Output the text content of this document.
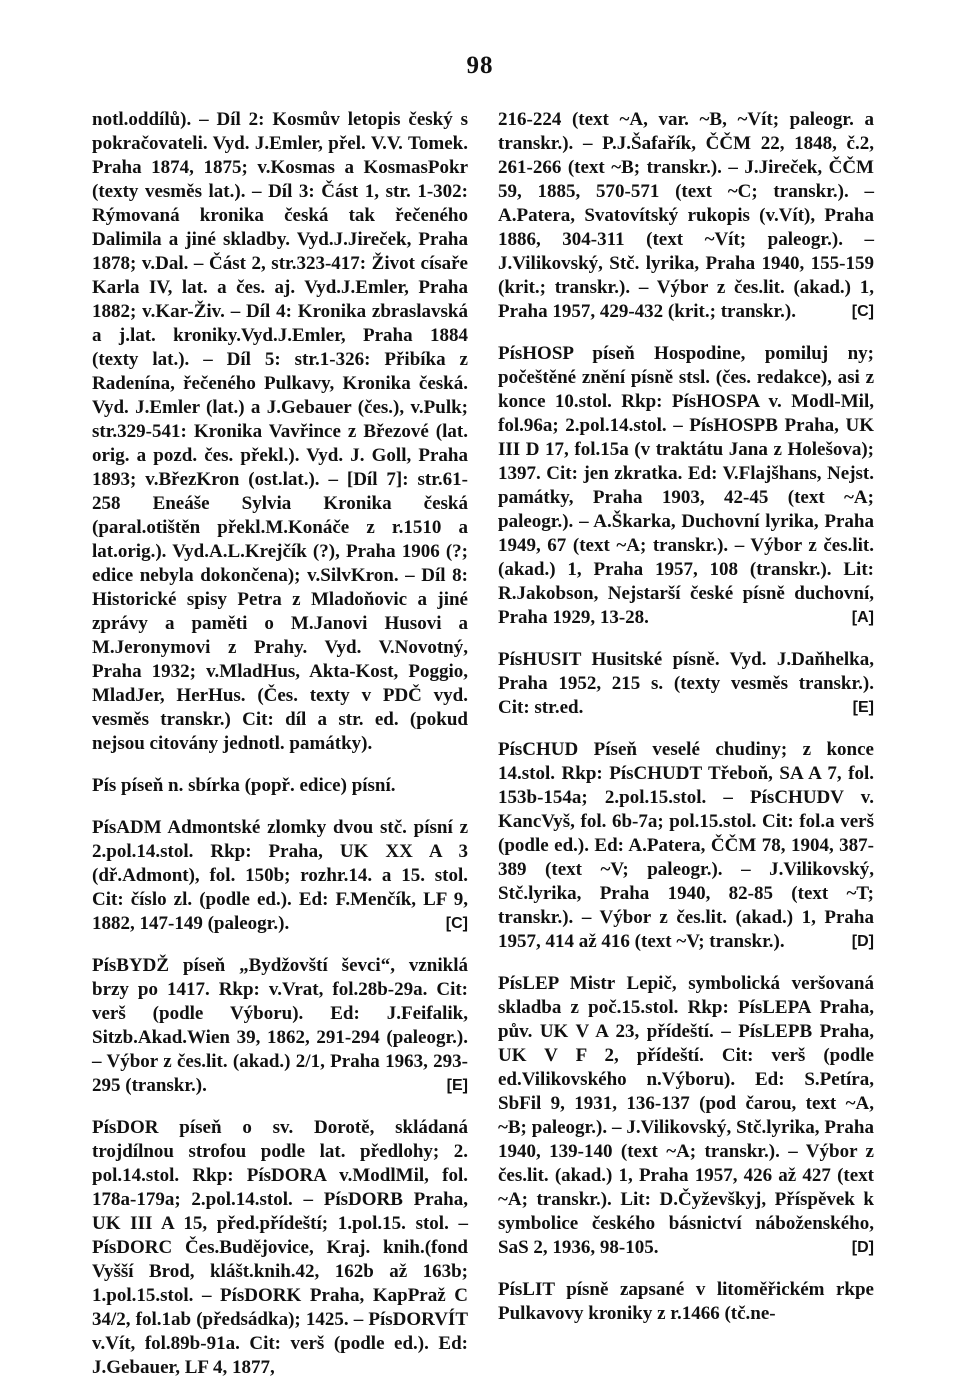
98
notl.oddílů). – Díl 2: Kosmův letopis český s pokračovateli. Vyd. J.Emler, přel. V.V. Tomek. Praha 1874, 1875; v.Kosmas a KosmasPokr (texty vesměs lat.). – Díl 3: Část 1, str. 1-302: Rýmovaná kronika česká tak řečeného Dalimila a jiné skladby. Vyd.J.Jireček, Praha 1878; v.Dal. – Část 2, str.323-417: Život císaře Karla IV, lat. a čes. aj. Vyd.J.Emler, Praha 1882; v.Kar-Živ. – Díl 4: Kronika zbraslavská a j.lat. kroniky.Vyd.J.Emler, Praha 1884 (texty lat.). – Díl 5: str.1-326: Přibíka z Radenína, řečeného Pulkavy, Kronika česká. Vyd. J.Emler (lat.) a J.Gebauer (čes.), v.Pulk; str.329-541: Kronika Vavřince z Březové (lat. orig. a pozd. čes. překl.). Vyd. J. Goll, Praha 1893; v.BřezKron (ost.lat.). – [Díl 7]: str.61-258 Eneáše Sylvia Kronika česká (paral.otištěn překl.M.Konáče z r.1510 a lat.orig.). Vyd.A.L.Krejčík (?), Praha 1906 (?; edice nebyla dokončena); v.SilvKron. – Díl 8: Historické spisy Petra z Mladoňovic a jiné zprávy a paměti o M.Janovi Husovi a M.Jeronymovi z Prahy. Vyd. V.Novotný, Praha 1932; v.MladHus, Akta-Kost, Poggio, MladJer, HerHus. (Čes. texty v PDČ vyd. vesměs transkr.) Cit: díl a str. ed. (pokud nejsou citovány jednotl. památky).
Pís píseň n. sbírka (popř. edice) písní.
PísADM Admontské zlomky dvou stč. písní z 2.pol.14.stol. Rkp: Praha, UK XX A 3 (dř.Admont), fol. 150b; rozhr.14. a 15. stol. Cit: číslo zl. (podle ed.). Ed: F.Menčík, LF 9, 1882, 147-149 (paleogr.).	[C]
PísBYDŽ píseň „Bydžovští ševci“, vzniklá brzy po 1417. Rkp: v.Vrat, fol.28b-29a. Cit: verš (podle Výboru). Ed: J.Feifalik, Sitzb.Akad.Wien 39, 1862, 291-294 (paleogr.). – Výbor z čes.lit. (akad.) 2/1, Praha 1963, 293-295 (transkr.).	[E]
PísDOR píseň o sv. Dorotě, skládaná trojdílnou strofou podle lat. předlohy; 2. pol.14.stol. Rkp: PísDORA v.ModlMil, fol. 178a-179a; 2.pol.14.stol. – PísDORB Praha, UK III A 15, před.přídeští; 1.pol.15. stol. – PísDORC Čes.Budějovice, Kraj. knih.(fond Vyšší Brod, klášt.knih.42, 162b až 163b; 1.pol.15.stol. – PísDORK Praha, KapPraž C 34/2, fol.1ab (předsádka); 1425. – PísDORVÍT v.Vít, fol.89b-91a. Cit: verš (podle ed.). Ed: J.Gebauer, LF 4, 1877,
216-224 (text ~A, var. ~B, ~Vít; paleogr. a transkr.). – P.J.Šafařík, ČČM 22, 1848, č.2, 261-266 (text ~B; transkr.). – J.Jireček, ČČM 59, 1885, 570-571 (text ~C; transkr.). – A.Patera, Svatovítský rukopis (v.Vít), Praha 1886, 304-311 (text ~Vít; paleogr.). – J.Vilikovský, Stč. lyrika, Praha 1940, 155-159 (krit.; transkr.). – Výbor z čes.lit. (akad.) 1, Praha 1957, 429-432 (krit.; transkr.).	[C]
PísHOSP píseň Hospodine, pomiluj ny; počeštěné znění písně stsl. (čes. redakce), asi z konce 10.stol. Rkp: PísHOSPA v. Modl-Mil, fol.96a; 2.pol.14.stol. – PísHOSPB Praha, UK III D 17, fol.15a (v traktátu Jana z Holešova); 1397. Cit: jen zkratka. Ed: V.Flajšhans, Nejst. památky, Praha 1903, 42-45 (text ~A; paleogr.). – A.Škarka, Duchovní lyrika, Praha 1949, 67 (text ~A; transkr.). – Výbor z čes.lit. (akad.) 1, Praha 1957, 108 (transkr.). Lit: R.Jakobson, Nejstarší české písně duchovní, Praha 1929, 13-28.	[A]
PísHUSIT Husitské písně. Vyd. J.Daňhelka, Praha 1952, 215 s. (texty vesměs transkr.). Cit: str.ed.	[E]
PísCHUD Píseň veselé chudiny; z konce 14.stol. Rkp: PísCHUDT Třeboň, SA A 7, fol. 153b-154a; 2.pol.15.stol. – PísCHUDV v. KancVyš, fol. 6b-7a; pol.15.stol. Cit: fol.a verš (podle ed.). Ed: A.Patera, ČČM 78, 1904, 387-389 (text ~V; paleogr.). – J.Vilikovský, Stč.lyrika, Praha 1940, 82-85 (text ~T; transkr.). – Výbor z čes.lit. (akad.) 1, Praha 1957, 414 až 416 (text ~V; transkr.).	[D]
PísLEP Mistr Lepič, symbolická veršovaná skladba z poč.15.stol. Rkp: PísLEPA Praha, pův. UK V A 23, přídeští. – PísLEPB Praha, UK V F 2, přídeští. Cit: verš (podle ed.Vilikovského n.Výboru). Ed: S.Petíra, SbFil 9, 1931, 136-137 (pod čarou, text ~A, ~B; paleogr.). – J.Vilikovský, Stč.lyrika, Praha 1940, 139-140 (text ~A; transkr.). – Výbor z čes.lit. (akad.) 1, Praha 1957, 426 až 427 (text ~A; transkr.). Lit: D.Čyževškyj, Příspěvek k symbolice českého básnictví náboženského, SaS 2, 1936, 98-105.	[D]
PísLIT písně zapsané v litoměřickém rkpe Pulkavovy kroniky z r.1466 (tč.ne-
